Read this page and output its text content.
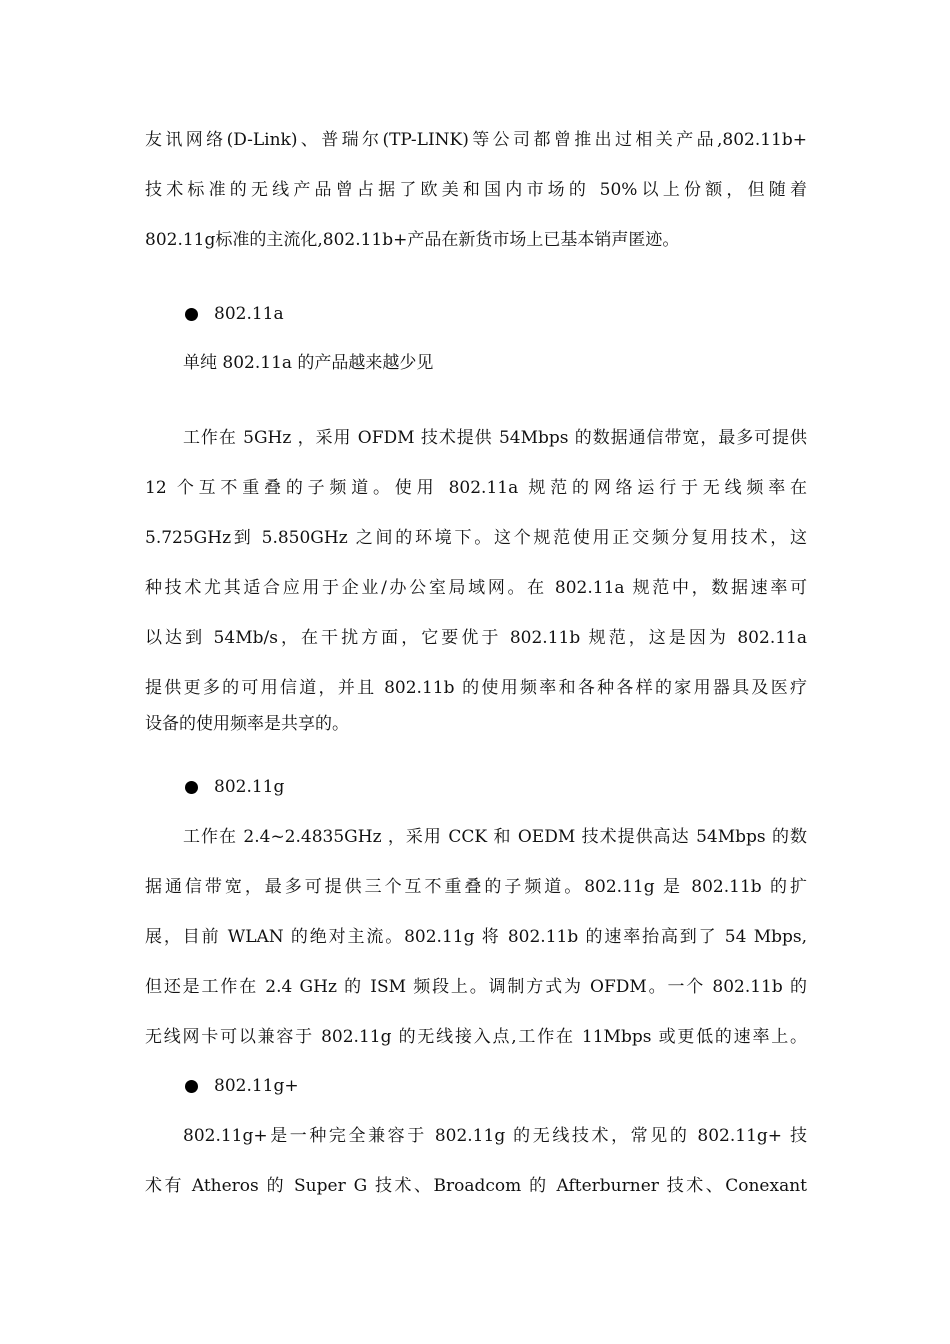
友讯网络(D-Link)、普瑞尔(TP-LINK)等公司都曾推出过相关产品,802.11b+
技术标准的无线产品曾占据了欧美和国内市场的 50%以上份额，但随着
802.11g标准的主流化,802.11b+产品在新货市场上已基本销声匿迹。
802.11a
单纯 802.11a 的产品越来越少见
工作在 5GHz ，采用 OFDM 技术提供 54Mbps 的数据通信带宽，最多可提供
12 个互不重叠的子频道。使用 802.11a 规范的网络运行于无线频率在
5.725GHz到 5.850GHz 之间的环境下。这个规范使用正交频分复用技术，这
种技术尤其适合应用于企业/办公室局域网。在 802.11a 规范中，数据速率可
以达到 54Mb/s，在干扰方面，它要优于 802.11b 规范，这是因为 802.11a
提供更多的可用信道，并且 802.11b 的使用频率和各种各样的家用器具及医疗
设备的使用频率是共享的。
802.11g
工作在 2.4~2.4835GHz ，采用 CCK 和 OEDM 技术提供高达 54Mbps 的数
据通信带宽，最多可提供三个互不重叠的子频道。802.11g 是 802.11b 的扩
展，目前 WLAN 的绝对主流。802.11g 将 802.11b 的速率抬高到了 54 Mbps,
但还是工作在 2.4 GHz 的 ISM 频段上。调制方式为 OFDM。一个 802.11b 的
无线网卡可以兼容于 802.11g 的无线接入点,工作在 11Mbps 或更低的速率上。
802.11g+
802.11g+是一种完全兼容于 802.11g 的无线技术，常见的 802.11g+ 技
术有 Atheros 的 Super G 技术、Broadcom 的 Afterburner 技术、Conexant
